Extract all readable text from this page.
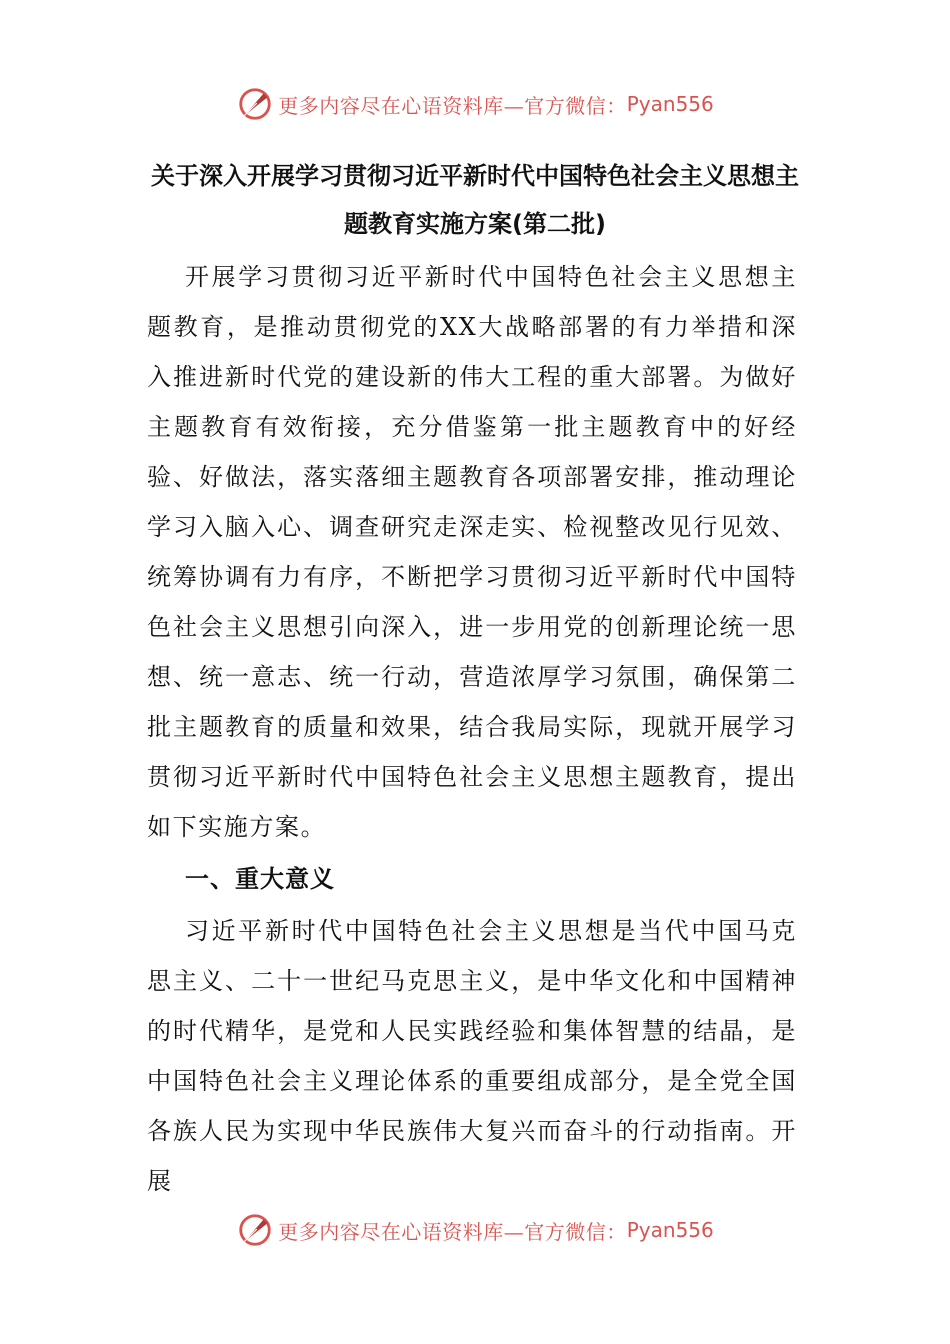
更多内容尽在心语资料库—官方微信： Pyan556
关于深入开展学习贯彻习近平新时代中国特色社会主义思想主题教育实施方案(第二批)

开展学习贯彻习近平新时代中国特色社会主义思想主题教育，是推动贯彻党的XX大战略部署的有力举措和深入推进新时代党的建设新的伟大工程的重大部署。为做好主题教育有效衔接，充分借鉴第一批主题教育中的好经验、好做法，落实落细主题教育各项部署安排，推动理论学习入脑入心、调查研究走深走实、检视整改见行见效、统筹协调有力有序，不断把学习贯彻习近平新时代中国特色社会主义思想引向深入，进一步用党的创新理论统一思想、统一意志、统一行动，营造浓厚学习氛围，确保第二批主题教育的质量和效果，结合我局实际，现就开展学习贯彻习近平新时代中国特色社会主义思想主题教育，提出如下实施方案。

一、重大意义

习近平新时代中国特色社会主义思想是当代中国马克思主义、二十一世纪马克思主义，是中华文化和中国精神的时代精华，是党和人民实践经验和集体智慧的结晶，是中国特色社会主义理论体系的重要组成部分，是全党全国各族人民为实现中华民族伟大复兴而奋斗的行动指南。开展

更多内容尽在心语资料库—官方微信： Pyan556
